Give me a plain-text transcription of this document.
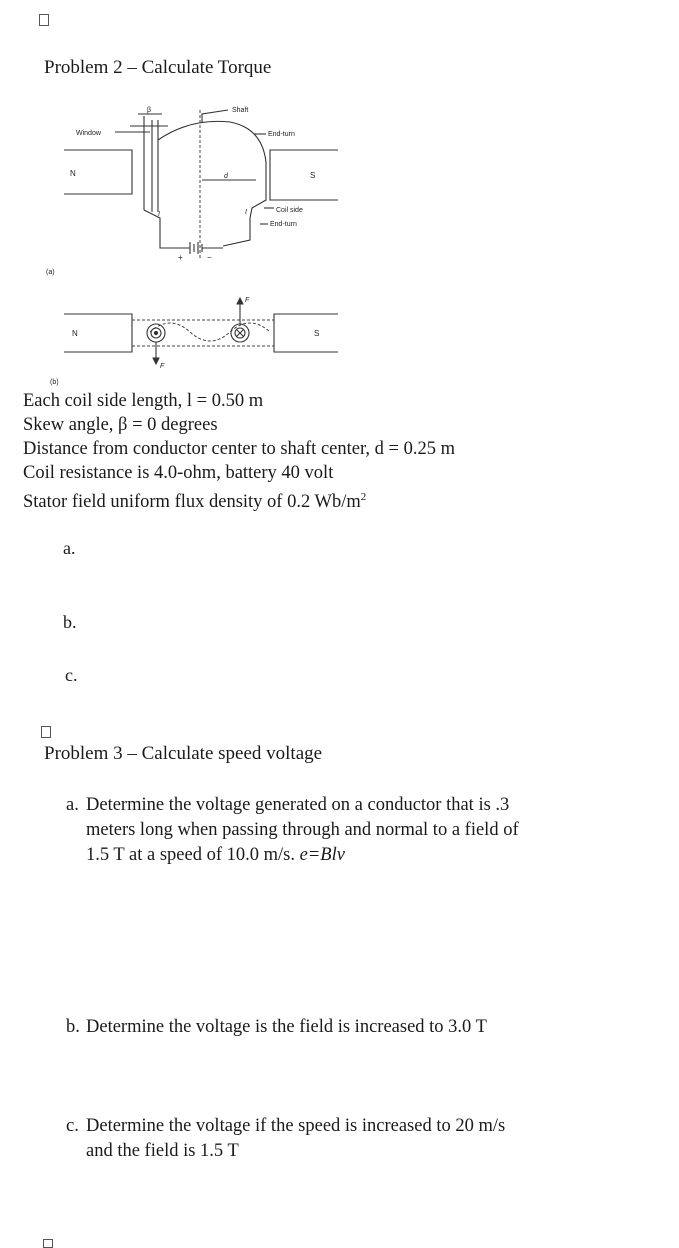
Problem 2 – Calculate Torque
N	S
Window
β	Shaft
d
I	I
End-turn
Coil side
End-turn
+	−
(a)
N	S
F
F
(b)
Each coil side length, l = 0.50 m
Skew angle, β = 0 degrees
Distance from conductor center to shaft center, d = 0.25 m
Coil resistance is 4.0-ohm, battery 40 volt
Stator field uniform flux density of 0.2 $Wb/m^2$
a.
b.
c.
Problem 3 – Calculate speed voltage
a. Determine the voltage generated on a conductor that is .3
meters long when passing through and normal to a field of
1.5 T at a speed of 10.0 m/s. e=Blv
b. Determine the voltage is the field is increased to 3.0 T
c. Determine the voltage if the speed is increased to 20 m/s
and the field is 1.5 T
